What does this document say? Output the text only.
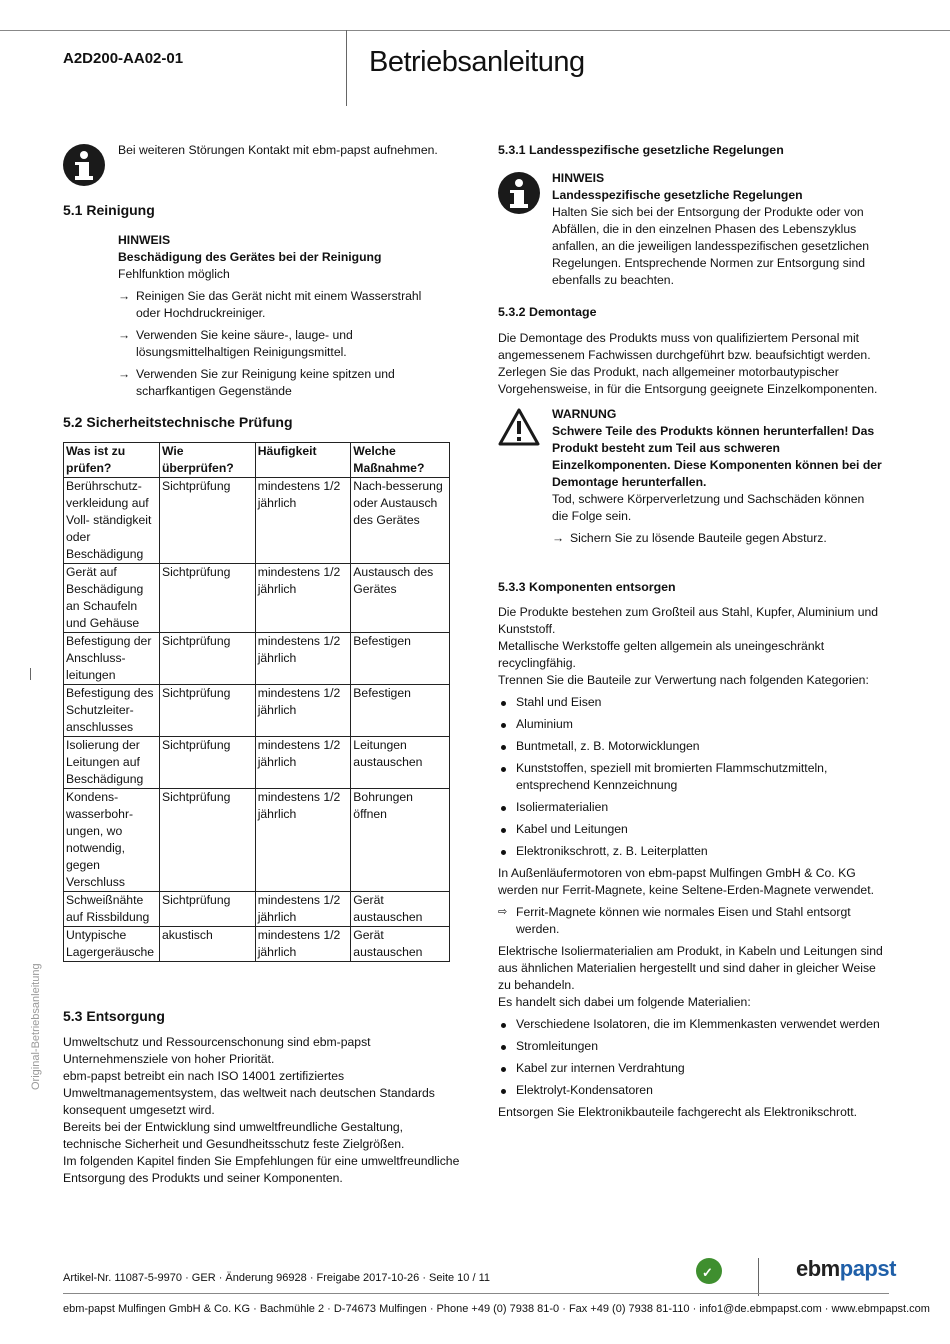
A2D200-AA02-01	Betriebsanleitung
Original-Betriebsanleitung

Bei weiteren Störungen Kontakt mit ebm-papst aufnehmen.

5.1 Reinigung

HINWEIS

Beschädigung des Gerätes bei der Reinigung

Fehlfunktion möglich

→ Reinigen Sie das Gerät nicht mit einem Wasserstrahl oder Hochdruckreiniger.
→ Verwenden Sie keine säure-, lauge- und lösungsmittelhaltigen Reinigungsmittel.
→ Verwenden Sie zur Reinigung keine spitzen und scharfkantigen Gegenstände
5.2 Sicherheitstechnische Prüfung
Was ist zu prüfen?	Wie überprüfen?	Häufigkeit	Welche Maßnahme?
Berührschutz-verkleidung auf Voll- ständigkeit oder Beschädigung	Sichtprüfung	mindestens 1/2 jährlich	Nach-besserung oder Austausch des Gerätes
Gerät auf Beschädigung an Schaufeln und Gehäuse	Sichtprüfung	mindestens 1/2 jährlich	Austausch des Gerätes
Befestigung der Anschluss-leitungen	Sichtprüfung	mindestens 1/2 jährlich	Befestigen
Befestigung des Schutzleiter-anschlusses	Sichtprüfung	mindestens 1/2 jährlich	Befestigen
Isolierung der Leitungen auf Beschädigung	Sichtprüfung	mindestens 1/2 jährlich	Leitungen austauschen
Kondens-wasserbohr-ungen, wo notwendig, gegen Verschluss	Sichtprüfung	mindestens 1/2 jährlich	Bohrungen öffnen
Schweißnähte auf Rissbildung	Sichtprüfung	mindestens 1/2 jährlich	Gerät austauschen
Untypische Lagergeräusche	akustisch	mindestens 1/2 jährlich	Gerät austauschen
5.3 Entsorgung

Umweltschutz und Ressourcenschonung sind ebm-papst Unternehmensziele von hoher Priorität.

ebm-papst betreibt ein nach ISO 14001 zertifiziertes Umweltmanagementsystem, das weltweit nach deutschen Standards konsequent umgesetzt wird.

Bereits bei der Entwicklung sind umweltfreundliche Gestaltung, technische Sicherheit und Gesundheitsschutz feste Zielgrößen.

Im folgenden Kapitel finden Sie Empfehlungen für eine umweltfreundliche Entsorgung des Produkts und seiner Komponenten.

5.3.1 Landesspezifische gesetzliche Regelungen

HINWEIS

Landesspezifische gesetzliche Regelungen

Halten Sie sich bei der Entsorgung der Produkte oder von Abfällen, die in den einzelnen Phasen des Lebenszyklus anfallen, an die jeweiligen landesspezifischen gesetzlichen Regelungen. Entsprechende Normen zur Entsorgung sind ebenfalls zu beachten.

5.3.2 Demontage

Die Demontage des Produkts muss von qualifiziertem Personal mit angemessenem Fachwissen durchgeführt bzw. beaufsichtigt werden. Zerlegen Sie das Produkt, nach allgemeiner motorbautypischer Vorgehensweise, in für die Entsorgung geeignete Einzelkomponenten.

WARNUNG

Schwere Teile des Produkts können herunterfallen! Das Produkt besteht zum Teil aus schweren Einzelkomponenten. Diese Komponenten können bei der Demontage herunterfallen.

Tod, schwere Körperverletzung und Sachschäden können die Folge sein.

→ Sichern Sie zu lösende Bauteile gegen Absturz.
5.3.3 Komponenten entsorgen

Die Produkte bestehen zum Großteil aus Stahl, Kupfer, Aluminium und Kunststoff.

Metallische Werkstoffe gelten allgemein als uneingeschränkt recyclingfähig.

Trennen Sie die Bauteile zur Verwertung nach folgenden Kategorien:

Stahl und Eisen
Aluminium
Buntmetall, z. B. Motorwicklungen
Kunststoffen, speziell mit bromierten Flammschutzmitteln, entsprechend Kennzeichnung
Isoliermaterialien
Kabel und Leitungen
Elektronikschrott, z. B. Leiterplatten

In Außenläufermotoren von ebm-papst Mulfingen GmbH & Co. KG werden nur Ferrit-Magnete, keine Seltene-Erden-Magnete verwendet.

⇨ Ferrit-Magnete können wie normales Eisen und Stahl entsorgt werden.

Elektrische Isoliermaterialien am Produkt, in Kabeln und Leitungen sind aus ähnlichen Materialien hergestellt und sind daher in gleicher Weise zu behandeln.

Es handelt sich dabei um folgende Materialien:

Verschiedene Isolatoren, die im Klemmenkasten verwendet werden
Stromleitungen
Kabel zur internen Verdrahtung
Elektrolyt-Kondensatoren

Entsorgen Sie Elektronikbauteile fachgerecht als Elektronikschrott.

Artikel-Nr. 11087-5-9970 · GER · Änderung 96928 · Freigabe 2017-10-26 · Seite 10 / 11	✓	ebmpapst
ebm-papst Mulfingen GmbH & Co. KG · Bachmühle 2 · D-74673 Mulfingen · Phone +49 (0) 7938 81-0 · Fax +49 (0) 7938 81-110 · info1@de.ebmpapst.com · www.ebmpapst.com
